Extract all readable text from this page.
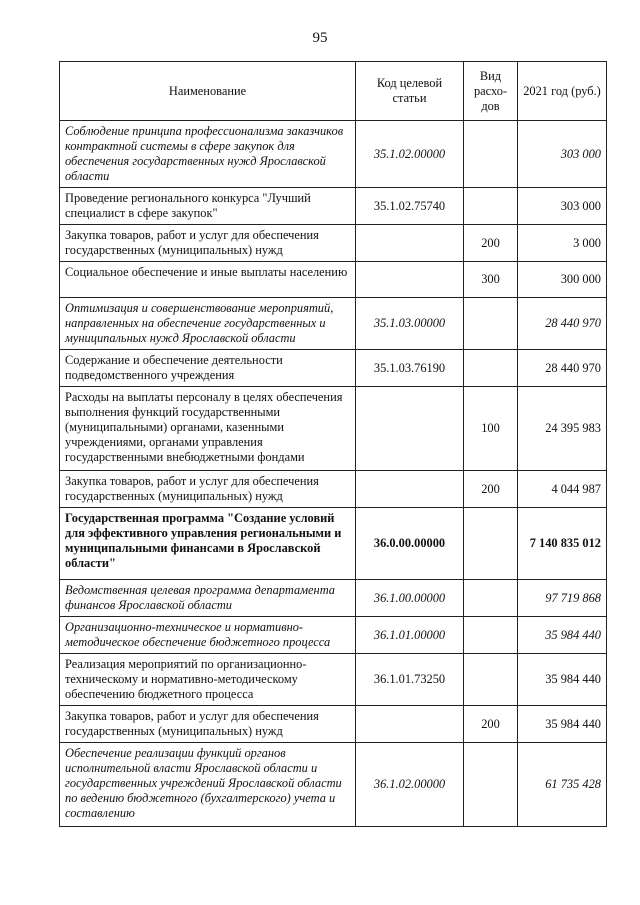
95
Наименование	Код целевой статьи	Вид расхо-дов	2021 год (руб.)
Соблюдение принципа профессионализма заказчиков контрактной системы в сфере закупок для обеспечения государственных нужд Ярославской области	35.1.02.00000		303 000
Проведение регионального конкурса "Лучший специалист в сфере закупок"	35.1.02.75740		303 000
Закупка товаров, работ и услуг для обеспечения государственных (муниципальных) нужд		200	3 000
Социальное обеспечение и иные выплаты населению		300	300 000
Оптимизация и совершенствование мероприятий, направленных на обеспечение государственных и муниципальных нужд Ярославской области	35.1.03.00000		28 440 970
Содержание и обеспечение деятельности подведомственного учреждения	35.1.03.76190		28 440 970
Расходы на выплаты персоналу в целях обеспечения выполнения функций государственными (муниципальными) органами, казенными учреждениями, органами управления государственными внебюджетными фондами		100	24 395 983
Закупка товаров, работ и услуг для обеспечения государственных (муниципальных) нужд		200	4 044 987
Государственная программа "Создание условий для эффективного управления региональными и муниципальными финансами в Ярославской области"	36.0.00.00000		7 140 835 012
Ведомственная целевая программа департамента финансов Ярославской области	36.1.00.00000		97 719 868
Организационно-техническое и нормативно-методическое обеспечение бюджетного процесса	36.1.01.00000		35 984 440
Реализация мероприятий по организационно-техническому и нормативно-методическому обеспечению бюджетного процесса	36.1.01.73250		35 984 440
Закупка товаров, работ и услуг для обеспечения государственных (муниципальных) нужд		200	35 984 440
Обеспечение реализации функций органов исполнительной власти Ярославской области и государственных учреждений Ярославской области по ведению бюджетного (бухгалтерского) учета и составлению	36.1.02.00000		61 735 428
